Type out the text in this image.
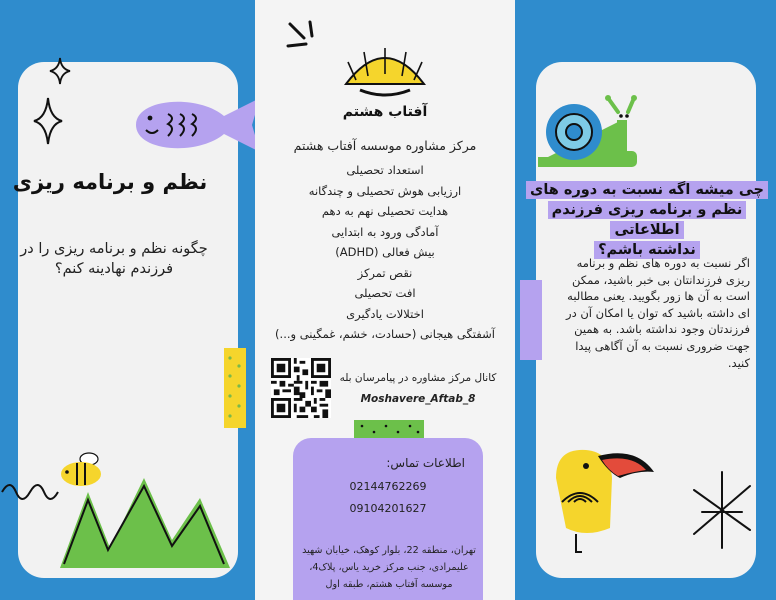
نظم و برنامه ریزی
چگونه نظم و برنامه ریزی را در فرزندم نهادینه کنم؟
آفتاب هشتم
مرکز مشاوره موسسه آفتاب هشتم
استعداد تحصیلی
ارزیابی هوش تحصیلی و چندگانه
هدایت تحصیلی نهم به دهم
آمادگی ورود به ابتدایی
بیش فعالی (ADHD)
نقص تمرکز
افت تحصیلی
اختلالات یادگیری
آشفتگی هیجانی (حسادت، خشم، غمگینی و...)
کانال مرکز مشاوره در پیامرسان بله
Moshavere_Aftab_8
اطلاعات تماس:
02144762269
09104201627
تهران، منطقه 22، بلوار کوهک، خیابان شهید علیمرادی، جنب مرکز خرید یاس، پلاک4، موسسه آفتاب هشتم، طبقه اول
چی میشه اگه نسبت به دوره های
نظم و برنامه ریزی فرزندم اطلاعاتی
نداشته باشم؟
اگر نسبت به دوره های نظم و برنامه ریزی فرزندانتان بی خبر باشید، ممکن است به آن ها زور بگویید. یعنی مطالبه ای داشته باشید که توان یا امکان آن در فرزندتان وجود نداشته باشد. به همین جهت ضروری نسبت به آن آگاهی پیدا کنید.
